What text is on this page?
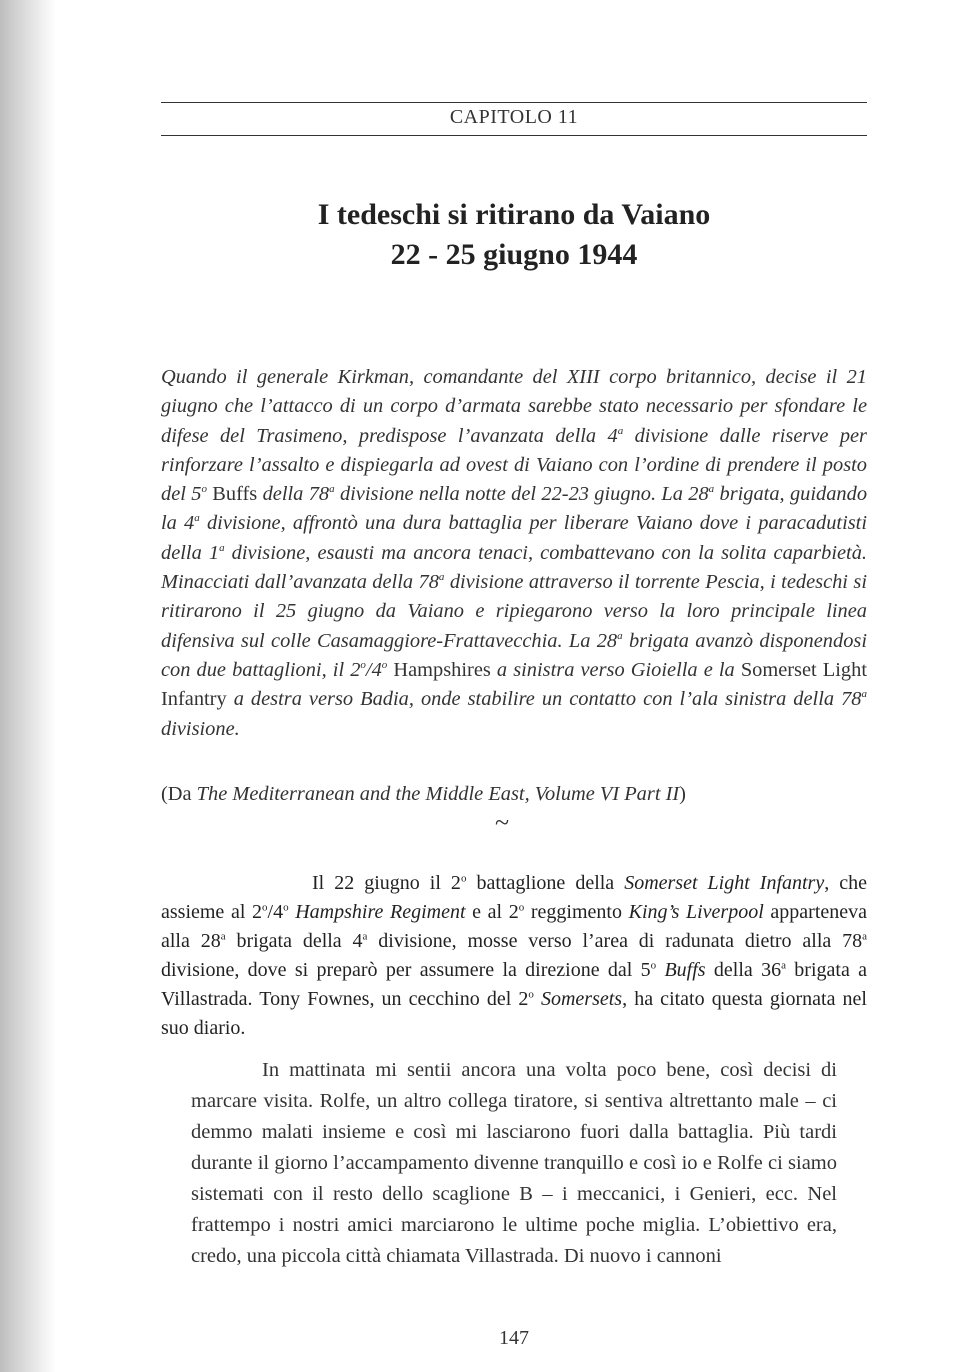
CAPITOLO 11
I tedeschi si ritirano da Vaiano
22 - 25 giugno 1944
Quando il generale Kirkman, comandante del XIII corpo britannico, decise il 21 giugno che l’attacco di un corpo d’armata sarebbe stato necessario per sfondare le difese del Trasimeno, predispose l’avanzata della 4$^a$ divisione dalle riserve per rinforzare l’assalto e dispiegarla ad ovest di Vaiano con l’ordine di prendere il posto del 5$^o$ Buffs della 78$^a$ divisione nella notte del 22-23 giugno. La 28$^a$ brigata, guidando la 4$^a$ divisione, affrontò una dura battaglia per liberare Vaiano dove i paracadutisti della 1$^a$ divisione, esausti ma ancora tenaci, combattevano con la solita caparbietà. Minacciati dall’avanzata della 78$^a$ divisione attraverso il torrente Pescia, i tedeschi si ritirarono il 25 giugno da Vaiano e ripiegarono verso la loro principale linea difensiva sul colle Casamaggiore-Frattavecchia. La 28$^a$ brigata avanzò disponendosi con due battaglioni, il 2$^o$/4$^o$ Hampshires a sinistra verso Gioiella e la Somerset Light Infantry a destra verso Badia, onde stabilire un contatto con l’ala sinistra della 78$^a$ divisione.
(Da The Mediterranean and the Middle East, Volume VI Part II)
~
Il 22 giugno il 2$^o$ battaglione della Somerset Light Infantry, che assieme al 2$^o$/4$^o$ Hampshire Regiment e al 2$^o$ reggimento King’s Liverpool apparteneva alla 28$^a$ brigata della 4$^a$ divisione, mosse verso l’area di radunata dietro alla 78$^a$ divisione, dove si preparò per assumere la direzione dal 5$^o$ Buffs della 36$^a$ brigata a Villastrada. Tony Fownes, un cecchino del 2$^o$ Somersets, ha citato questa giornata nel suo diario.
In mattinata mi sentii ancora una volta poco bene, così decisi di marcare visita. Rolfe, un altro collega tiratore, si sentiva altrettanto male – ci demmo malati insieme e così mi lasciarono fuori dalla battaglia. Più tardi durante il giorno l’accampamento divenne tranquillo e così io e Rolfe ci siamo sistemati con il resto dello scaglione B – i meccanici, i Genieri, ecc. Nel frattempo i nostri amici marciarono le ultime poche miglia. L’obiettivo era, credo, una piccola città chiamata Villastrada. Di nuovo i cannoni
147
